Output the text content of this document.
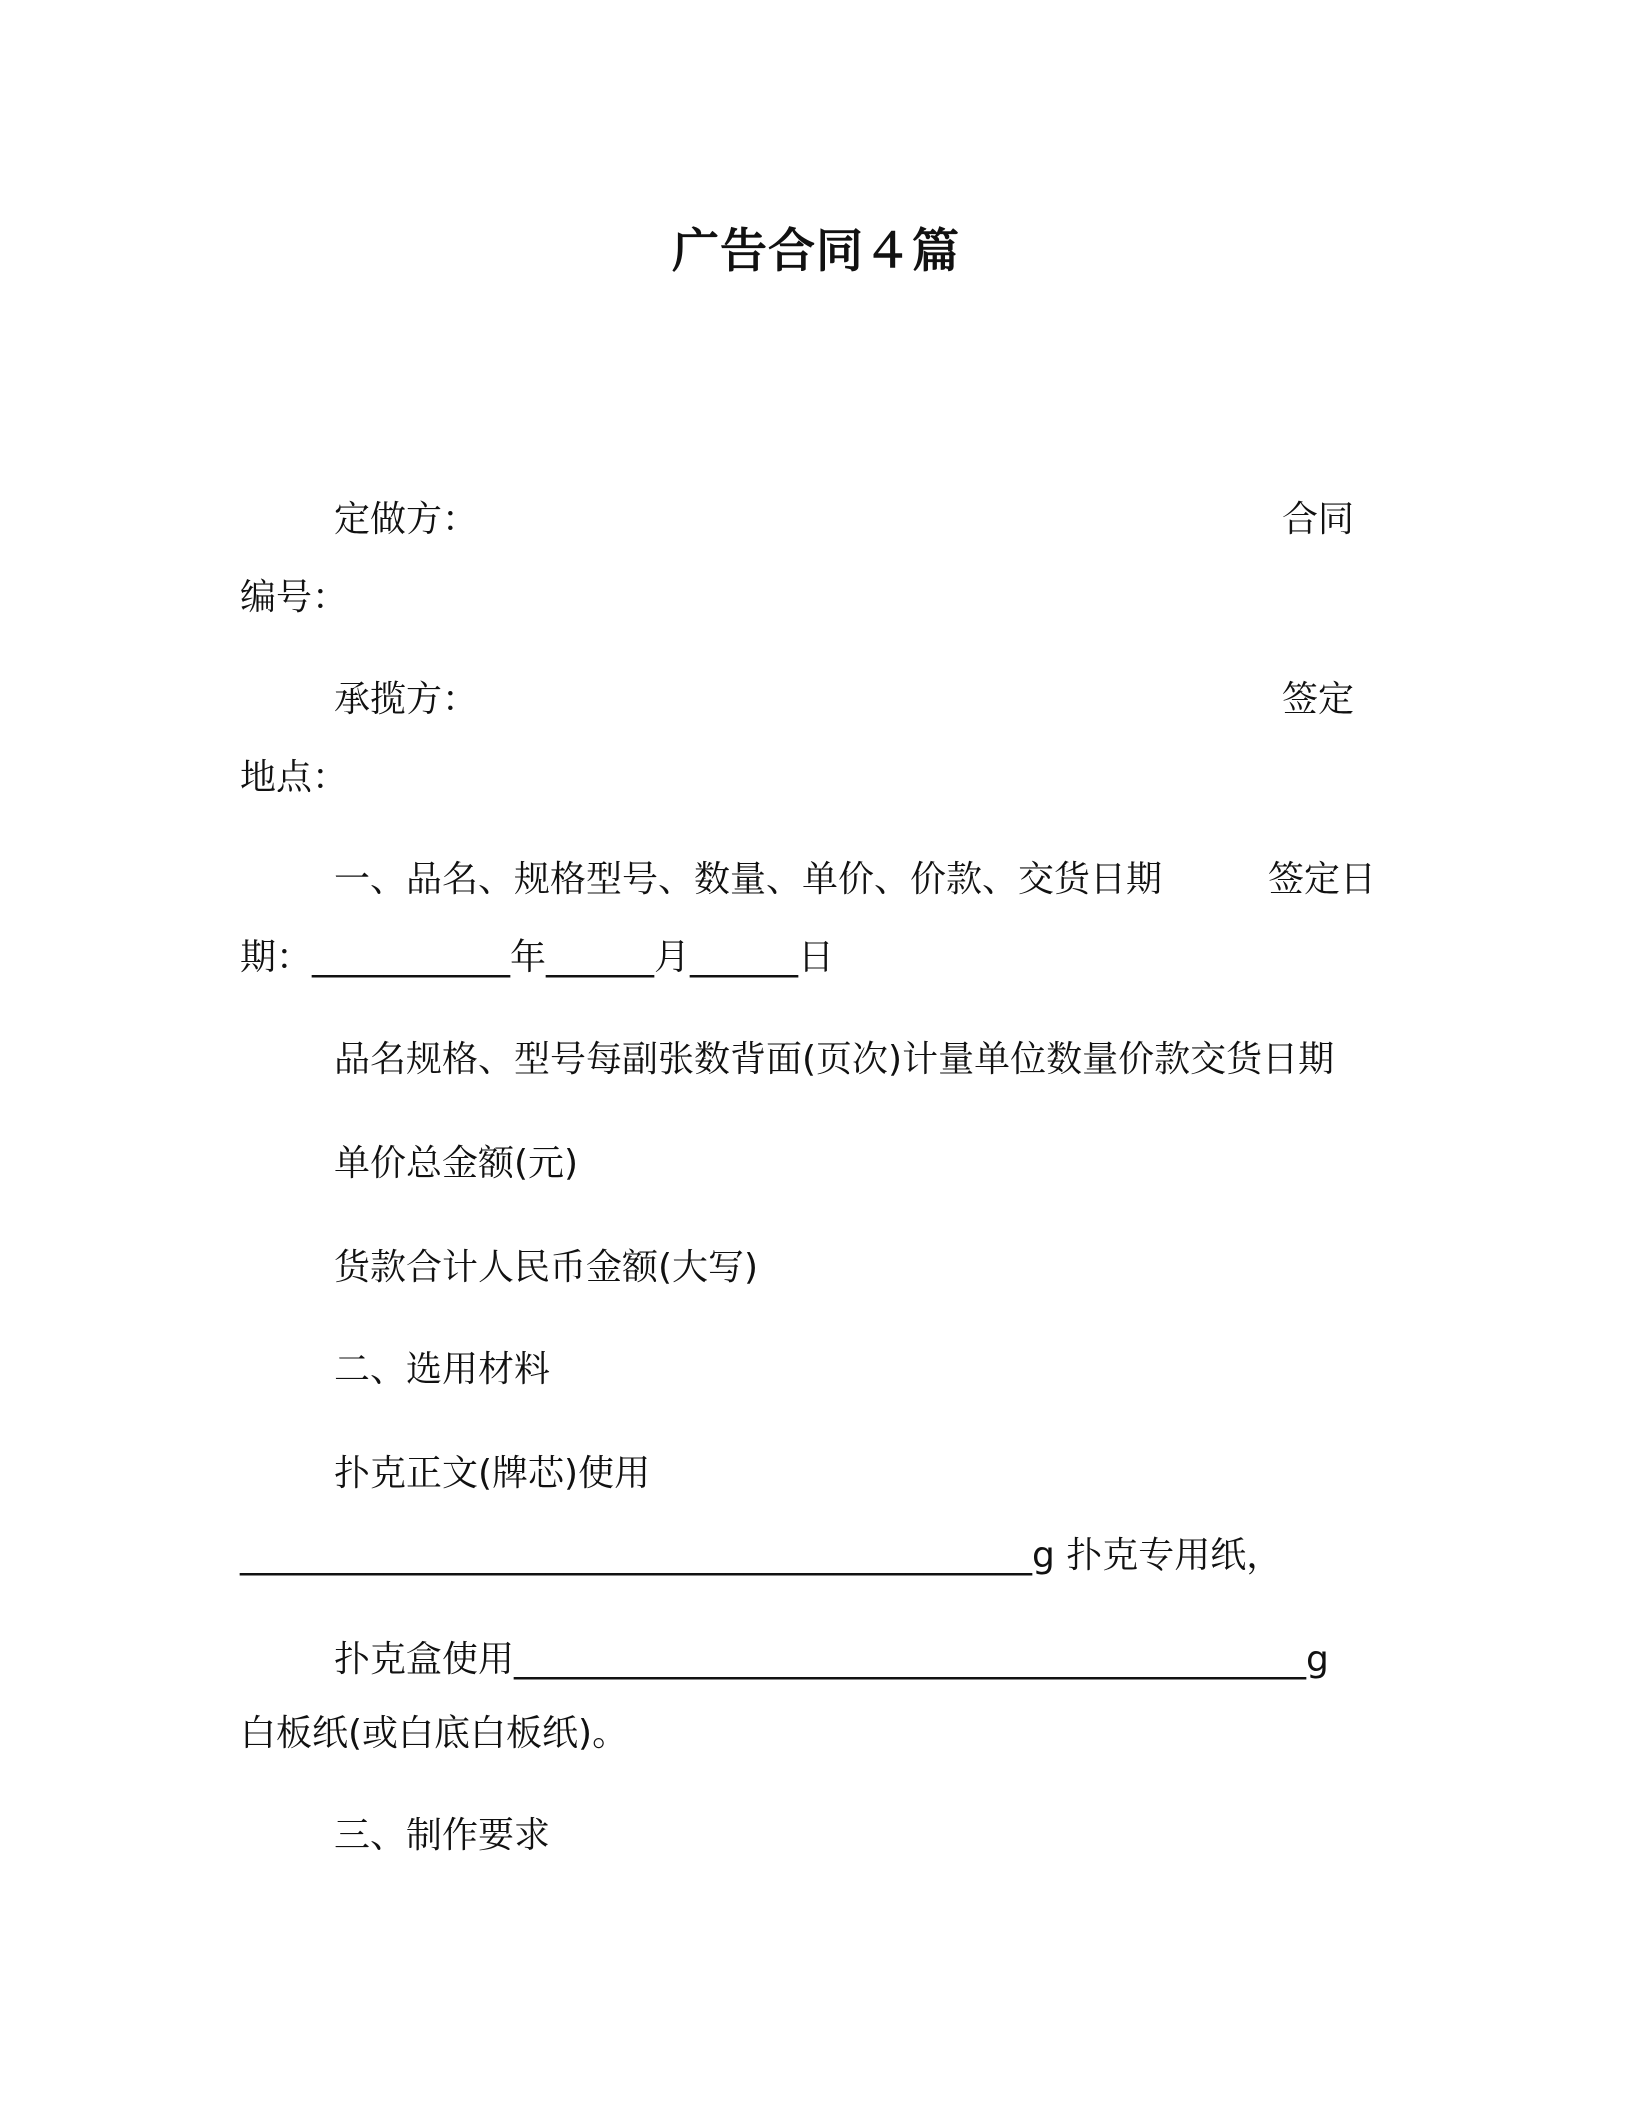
广告合同４篇
定做方：	合同
编号：
承揽方：	签定
地点：
一、品名、规格型号、数量、单价、价款、交货日期	签定日
期：___________年______月______日
品名规格、型号每副张数背面(页次)计量单位数量价款交货日期
单价总金额(元)
货款合计人民币金额(大写)
二、选用材料
扑克正文(牌芯)使用
____________________________________________g 扑克专用纸，
扑克盒使用____________________________________________g
白板纸(或白底白板纸)。
三、制作要求
